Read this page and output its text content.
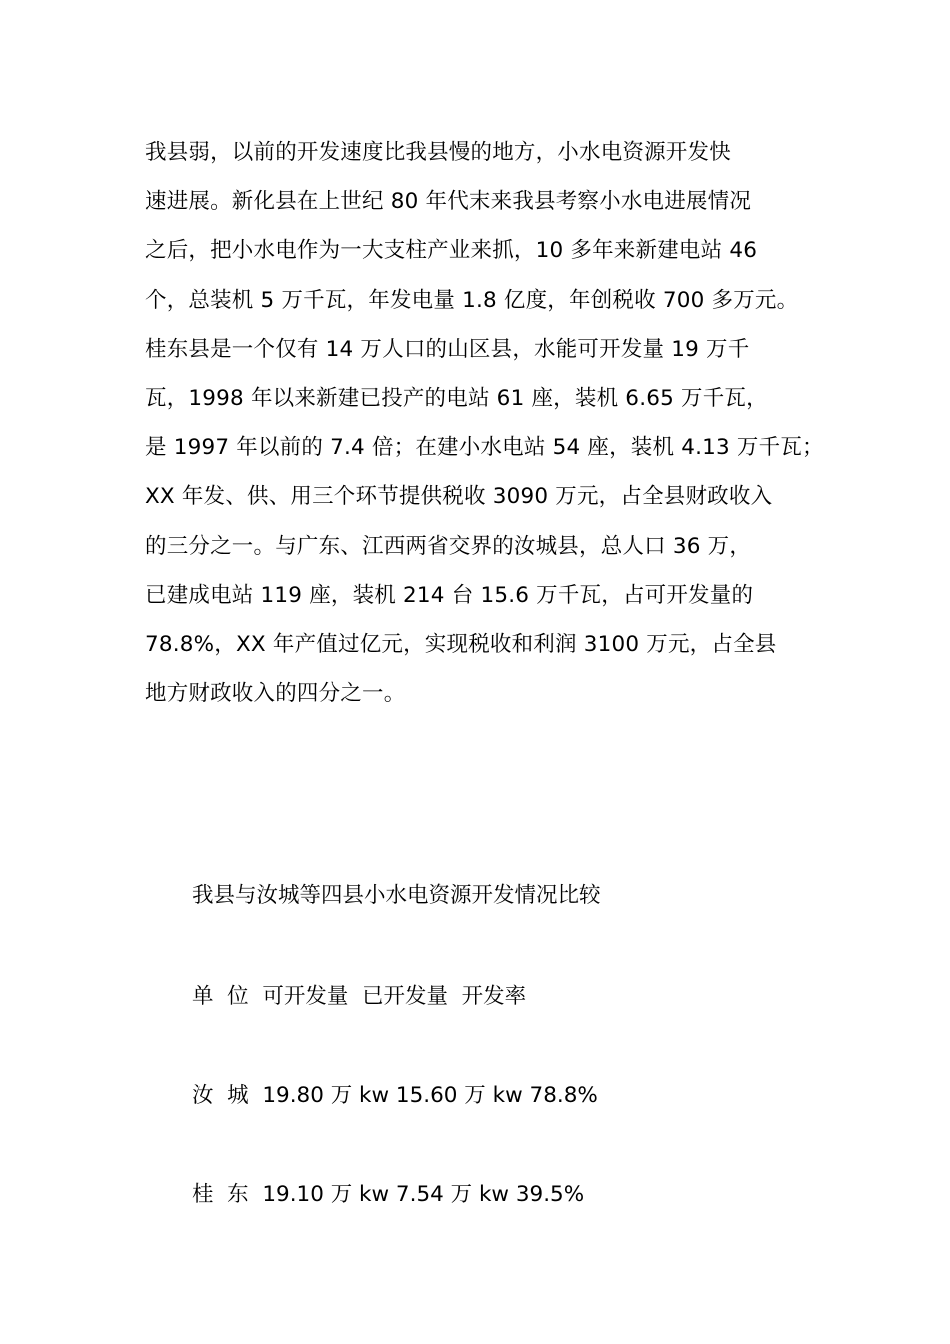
我县弱，以前的开发速度比我县慢的地方，小水电资源开发快
速进展。新化县在上世纪 80 年代末来我县考察小水电进展情况
之后，把小水电作为一大支柱产业来抓，10 多年来新建电站 46
个，总装机 5 万千瓦，年发电量 1.8 亿度，年创税收 700 多万元。
桂东县是一个仅有 14 万人口的山区县，水能可开发量 19 万千
瓦，1998 年以来新建已投产的电站 61 座，装机 6.65 万千瓦，
是 1997 年以前的 7.4 倍；在建小水电站 54 座，装机 4.13 万千瓦；
XX 年发、供、用三个环节提供税收 3090 万元，占全县财政收入
的三分之一。与广东、江西两省交界的汝城县，总人口 36 万，
已建成电站 119 座，装机 214 台 15.6 万千瓦，占可开发量的
78.8%，XX 年产值过亿元，实现税收和利润 3100 万元，占全县
地方财政收入的四分之一。
我县与汝城等四县小水电资源开发情况比较
单  位  可开发量  已开发量  开发率
汝  城  19.80 万 kw 15.60 万 kw 78.8%
桂  东  19.10 万 kw 7.54 万 kw 39.5%
